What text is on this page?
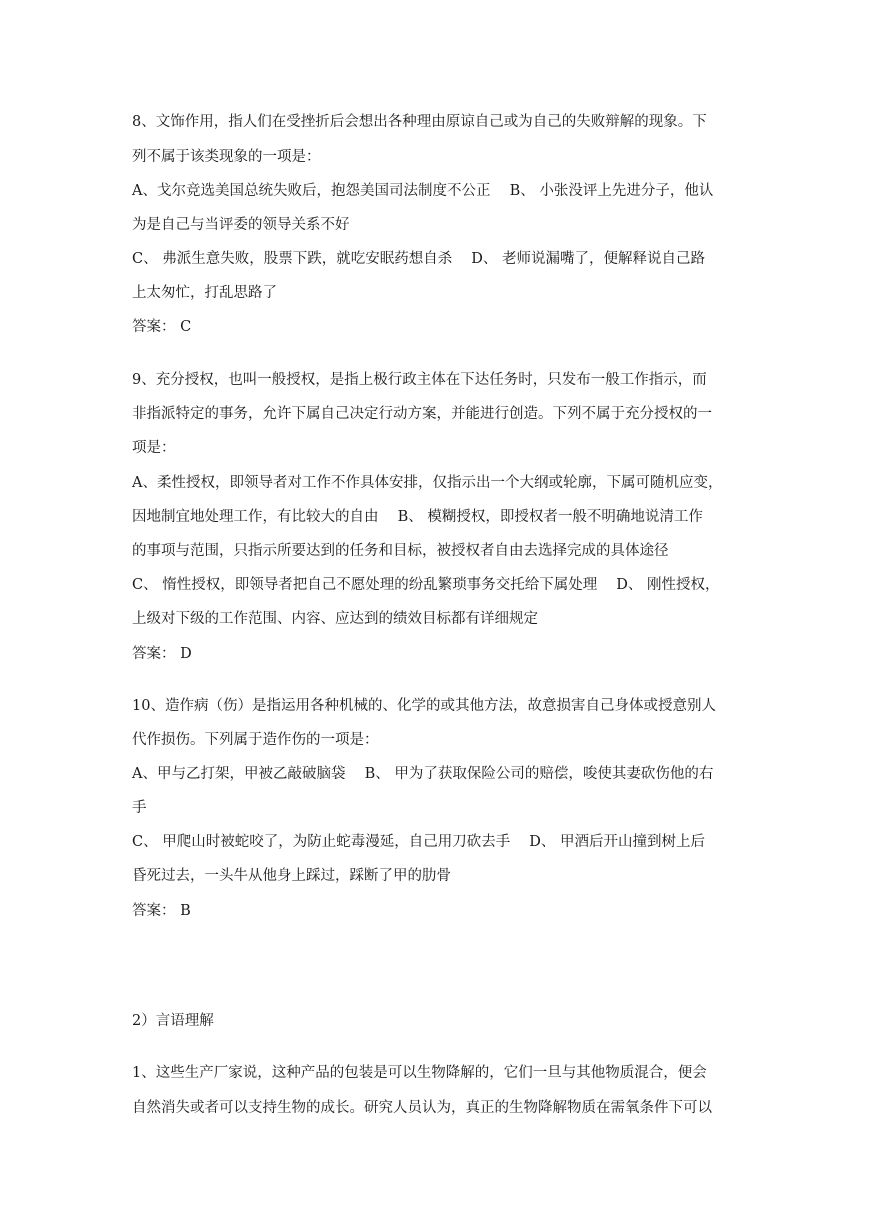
8、文饰作用，指人们在受挫折后会想出各种理由原谅自己或为自己的失败辩解的现象。下
列不属于该类现象的一项是：
A、戈尔竞选美国总统失败后，抱怨美国司法制度不公正　 B、 小张没评上先进分子，他认
为是自己与当评委的领导关系不好
C、 弗派生意失败，股票下跌，就吃安眠药想自杀　 D、 老师说漏嘴了，便解释说自己路
上太匆忙，打乱思路了
答案： C
9、充分授权，也叫一般授权，是指上极行政主体在下达任务时，只发布一般工作指示，而
非指派特定的事务，允许下属自己决定行动方案，并能进行创造。下列不属于充分授权的一
项是：
A、柔性授权，即领导者对工作不作具体安排，仅指示出一个大纲或轮廓，下属可随机应变，
因地制宜地处理工作，有比较大的自由　 B、 模糊授权，即授权者一般不明确地说清工作
的事项与范围，只指示所要达到的任务和目标，被授权者自由去选择完成的具体途径
C、 惰性授权，即领导者把自己不愿处理的纷乱繁琐事务交托给下属处理　 D、 刚性授权，
上级对下级的工作范围、内容、应达到的绩效目标都有详细规定
答案： D
10、造作病（伤）是指运用各种机械的、化学的或其他方法，故意损害自己身体或授意别人
代作损伤。下列属于造作伤的一项是：
A、甲与乙打架，甲被乙敲破脑袋　 B、 甲为了获取保险公司的赔偿，唆使其妻砍伤他的右
手
C、 甲爬山时被蛇咬了，为防止蛇毒漫延，自己用刀砍去手　 D、 甲酒后开山撞到树上后
昏死过去，一头牛从他身上踩过，踩断了甲的肋骨
答案： B
2）言语理解
1、这些生产厂家说，这种产品的包装是可以生物降解的，它们一旦与其他物质混合，便会
自然消失或者可以支持生物的成长。研究人员认为，真正的生物降解物质在需氧条件下可以
